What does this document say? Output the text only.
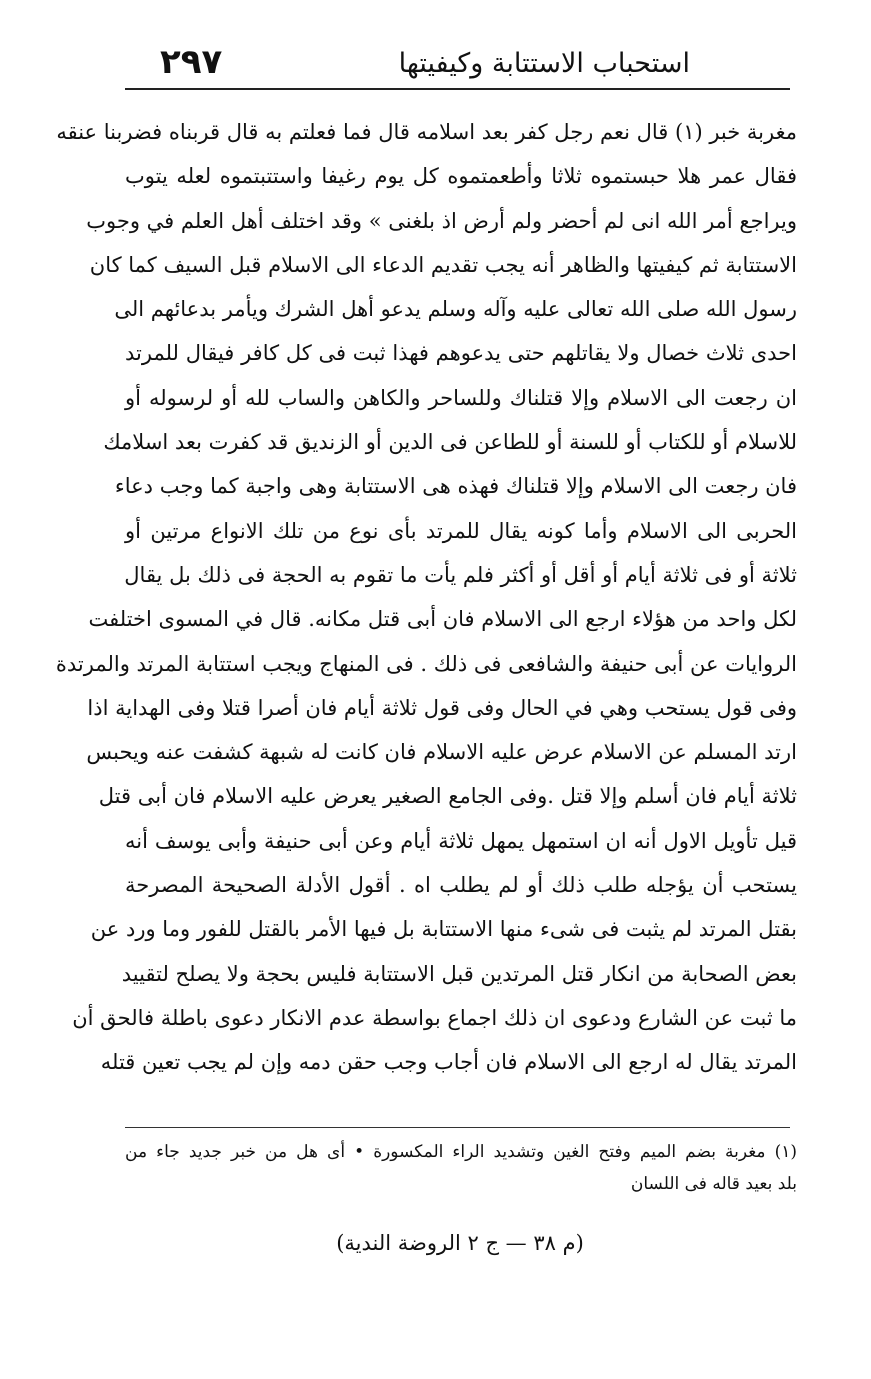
٢٩٧	استحباب الاستتابة وكيفيتها
مغربة خبر (١) قال نعم رجل كفر بعد اسلامه قال فما فعلتم به قال قربناه فضربنا عنقه
فقال عمر هلا حبستموه ثلاثا وأطعمتموه كل يوم رغيفا واستتبتموه لعله يتوب
ويراجع أمر الله انى لم أحضر ولم أرض اذ بلغنى » وقد اختلف أهل العلم في وجوب
الاستتابة ثم كيفيتها والظاهر أنه يجب تقديم الدعاء الى الاسلام قبل السيف كما كان
رسول الله صلى الله تعالى عليه وآله وسلم يدعو أهل الشرك ويأمر بدعائهم الى
احدى ثلاث خصال ولا يقاتلهم حتى يدعوهم فهذا ثبت فى كل كافر فيقال للمرتد
ان رجعت الى الاسلام وإلا قتلناك وللساحر والكاهن والساب لله أو لرسوله أو
للاسلام أو للكتاب أو للسنة أو للطاعن فى الدين أو الزنديق قد كفرت بعد اسلامك
فان رجعت الى الاسلام وإلا قتلناك فهذه هى الاستتابة وهى واجبة كما وجب دعاء
الحربى الى الاسلام وأما كونه يقال للمرتد بأى نوع من تلك الانواع مرتين أو
ثلاثة أو فى ثلاثة أيام أو أقل أو أكثر فلم يأت ما تقوم به الحجة فى ذلك بل يقال
لكل واحد من هؤلاء ارجع الى الاسلام فان أبى قتل مكانه. قال في المسوى اختلفت
الروايات عن أبى حنيفة والشافعى فى ذلك . فى المنهاج ويجب استتابة المرتد والمرتدة
وفى قول يستحب وهي في الحال وفى قول ثلاثة أيام فان أصرا قتلا وفى الهداية اذا
ارتد المسلم عن الاسلام عرض عليه الاسلام فان كانت له شبهة كشفت عنه ويحبس
ثلاثة أيام فان أسلم وإلا قتل .وفى الجامع الصغير يعرض عليه الاسلام فان أبى قتل
قيل تأويل الاول أنه ان استمهل يمهل ثلاثة أيام وعن أبى حنيفة وأبى يوسف أنه
يستحب أن يؤجله طلب ذلك أو لم يطلب اه . أقول الأدلة الصحيحة المصرحة
بقتل المرتد لم يثبت فى شىء منها الاستتابة بل فيها الأمر بالقتل للفور وما ورد عن
بعض الصحابة من انكار قتل المرتدين قبل الاستتابة فليس بحجة ولا يصلح لتقييد
ما ثبت عن الشارع ودعوى ان ذلك اجماع بواسطة عدم الانكار دعوى باطلة فالحق أن
المرتد يقال له ارجع الى الاسلام فان أجاب وجب حقن دمه وإن لم يجب تعين قتله
(١) مغربة بضم الميم وفتح الغين وتشديد الراء المكسورة • أى هل من خبر جديد جاء من
بلد بعيد قاله فى اللسان
(م ٣٨ — ج ٢ الروضة الندية)
